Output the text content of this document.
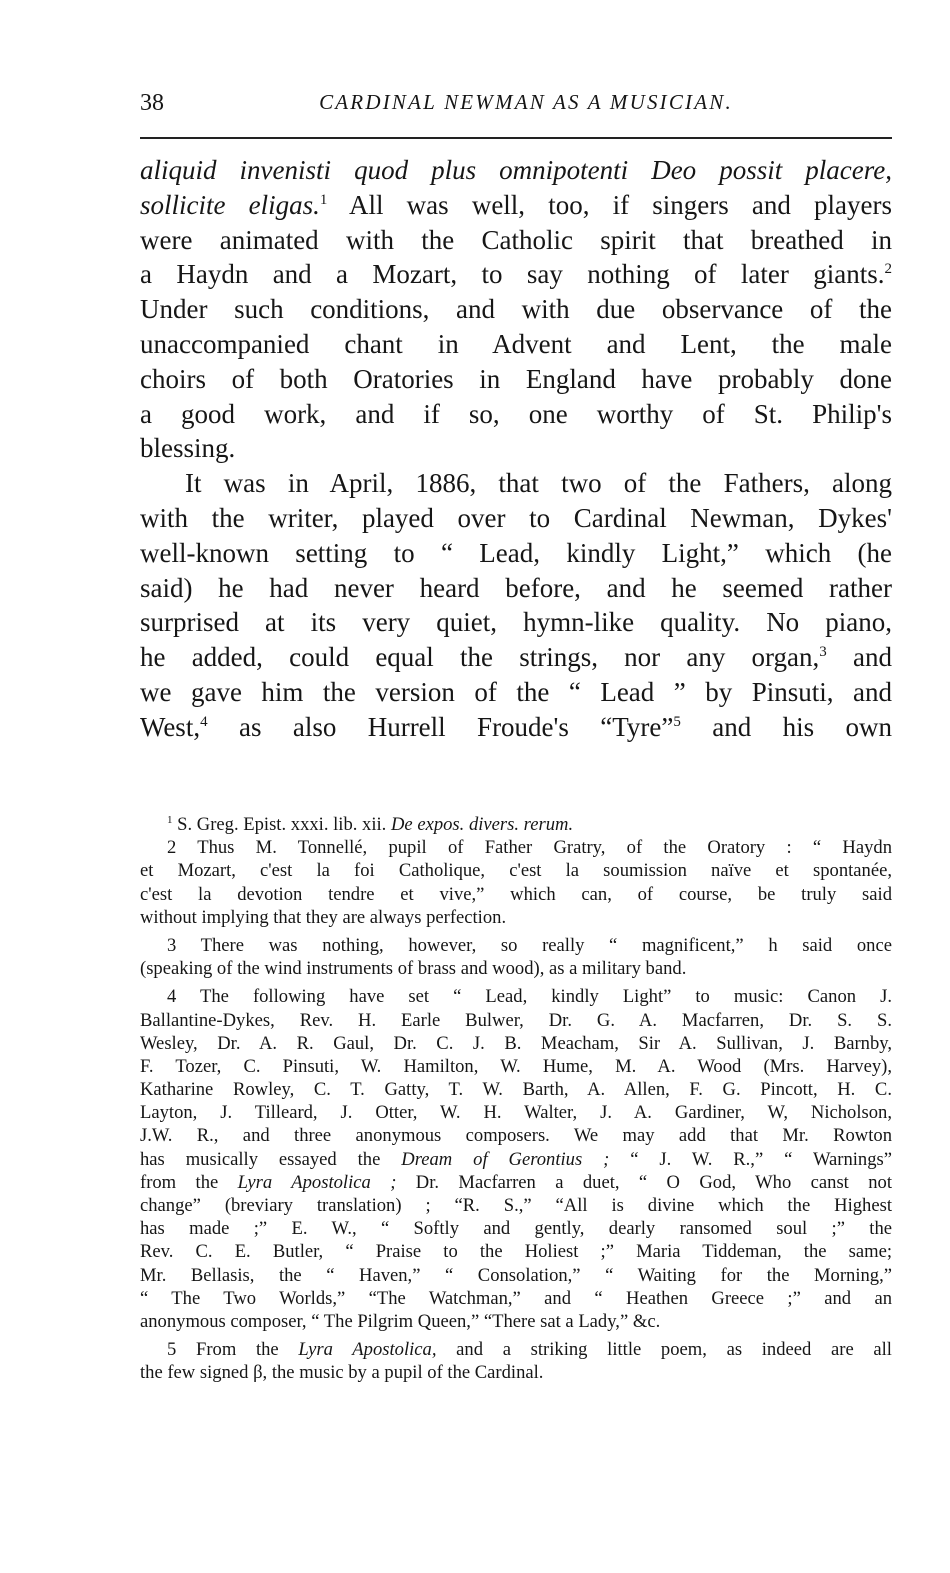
38	CARDINAL NEWMAN AS A MUSICIAN.
aliquid invenisti quod plus omnipotenti Deo possit placere,
sollicite eligas.$^1$ All was well, too, if singers and players
were animated with the Catholic spirit that breathed in
a Haydn and a Mozart, to say nothing of later giants.$^2$
Under such conditions, and with due observance of the
unaccompanied chant in Advent and Lent, the male
choirs of both Oratories in England have probably done
a good work, and if so, one worthy of St. Philip's
blessing.
It was in April, 1886, that two of the Fathers, along
with the writer, played over to Cardinal Newman, Dykes'
well-known setting to “ Lead, kindly Light,” which (he
said) he had never heard before, and he seemed rather
surprised at its very quiet, hymn-like quality. No piano,
he added, could equal the strings, nor any organ,$^3$ and
we gave him the version of the “ Lead ” by Pinsuti, and
West,$^4$ as also Hurrell Froude's “Tyre”$^5$ and his own
$^1$ S. Greg. Epist. xxxi. lib. xii. De expos. divers. rerum.
2 Thus M. Tonnellé, pupil of Father Gratry, of the Oratory : “ Haydn
et Mozart, c'est la foi Catholique, c'est la soumission naïve et spontanée,
c'est la devotion tendre et vive,” which can, of course, be truly said
without implying that they are always perfection.
3 There was nothing, however, so really “ magnificent,” h said once
(speaking of the wind instruments of brass and wood), as a military band.
4 The following have set “ Lead, kindly Light” to music: Canon J.
Ballantine-Dykes, Rev. H. Earle Bulwer, Dr. G. A. Macfarren, Dr. S. S.
Wesley, Dr. A. R. Gaul, Dr. C. J. B. Meacham, Sir A. Sullivan, J. Barnby,
F. Tozer, C. Pinsuti, W. Hamilton, W. Hume, M. A. Wood (Mrs. Harvey),
Katharine Rowley, C. T. Gatty, T. W. Barth, A. Allen, F. G. Pincott, H. C.
Layton, J. Tilleard, J. Otter, W. H. Walter, J. A. Gardiner, W, Nicholson,
J.W. R., and three anonymous composers. We may add that Mr. Rowton
has musically essayed the Dream of Gerontius ; “ J. W. R.,” “ Warnings”
from the Lyra Apostolica ; Dr. Macfarren a duet, “ O God, Who canst not
change” (breviary translation) ; “R. S.,” “All is divine which the Highest
has made ;” E. W., “ Softly and gently, dearly ransomed soul ;” the
Rev. C. E. Butler, “ Praise to the Holiest ;” Maria Tiddeman, the same;
Mr. Bellasis, the “ Haven,” “ Consolation,” “ Waiting for the Morning,”
“ The Two Worlds,” “The Watchman,” and “ Heathen Greece ;” and an
anonymous composer, “ The Pilgrim Queen,” “There sat a Lady,” &c.
5 From the Lyra Apostolica, and a striking little poem, as indeed are all
the few signed β, the music by a pupil of the Cardinal.
